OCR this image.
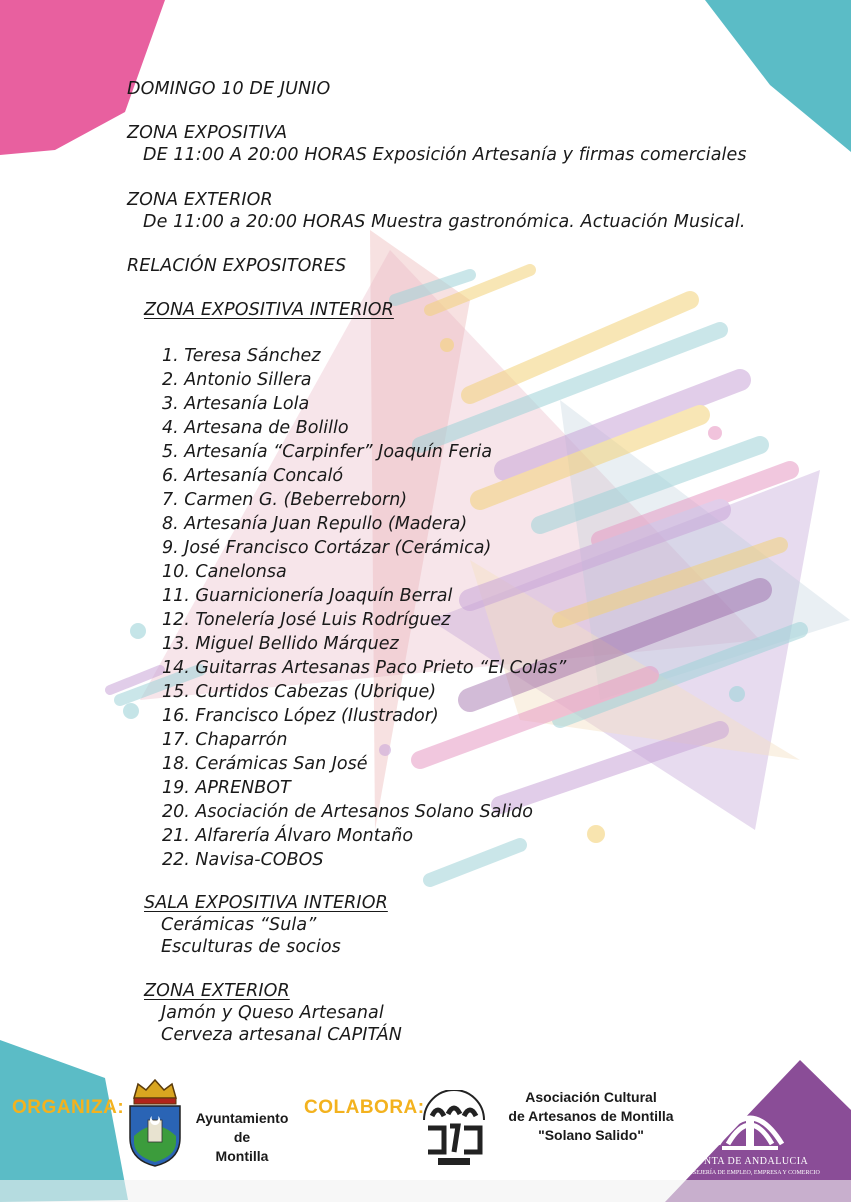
DOMINGO 10 DE JUNIO
ZONA EXPOSITIVA
DE 11:00 A 20:00 HORAS Exposición Artesanía y firmas comerciales
ZONA EXTERIOR
De 11:00 a 20:00 HORAS Muestra gastronómica. Actuación Musical.
RELACIÓN EXPOSITORES
ZONA EXPOSITIVA INTERIOR
1. Teresa Sánchez
2. Antonio Sillera
3. Artesanía Lola
4. Artesana de Bolillo
5. Artesanía “Carpinfer” Joaquín Feria
6. Artesanía Concaló
7. Carmen G. (Beberreborn)
8. Artesanía Juan Repullo (Madera)
9. José Francisco Cortázar (Cerámica)
10. Canelonsa
11. Guarnicionería Joaquín Berral
12. Tonelería José Luis Rodríguez
13. Miguel Bellido Márquez
14. Guitarras Artesanas Paco Prieto “El Colas”
15. Curtidos Cabezas (Ubrique)
16. Francisco López (Ilustrador)
17. Chaparrón
18. Cerámicas San José
19. APRENBOT
20. Asociación de Artesanos Solano Salido
21. Alfarería Álvaro Montaño
22. Navisa-COBOS
SALA EXPOSITIVA INTERIOR
Cerámicas “Sula”
Esculturas de socios
ZONA EXTERIOR
Jamón y Queso Artesanal
Cerveza artesanal CAPITÁN
ORGANIZA:	Ayuntamiento
de
Montilla
COLABORA:	Asociación Cultural
de Artesanos de Montilla
"Solano Salido"
JUNTA DE ANDALUCIA
CONSEJERÍA DE EMPLEO, EMPRESA Y COMERCIO
